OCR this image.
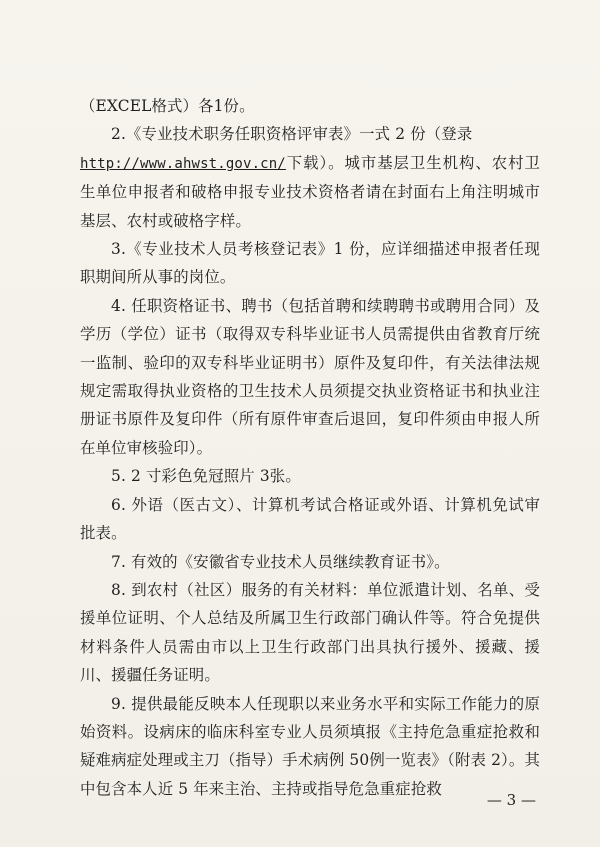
（EXCEL格式）各1份。

2.《专业技术职务任职资格评审表》一式 2 份（登录
http://www.ahwst.gov.cn/下载）。城市基层卫生机构、农村卫生单位申报者和破格申报专业技术资格者请在封面右上角注明城市基层、农村或破格字样。

3.《专业技术人员考核登记表》1 份，应详细描述申报者任现职期间所从事的岗位。

4. 任职资格证书、聘书（包括首聘和续聘聘书或聘用合同）及学历（学位）证书（取得双专科毕业证书人员需提供由省教育厅统一监制、验印的双专科毕业证明书）原件及复印件，有关法律法规规定需取得执业资格的卫生技术人员须提交执业资格证书和执业注册证书原件及复印件（所有原件审查后退回，复印件须由申报人所在单位审核验印）。

5. 2 寸彩色免冠照片 3张。

6. 外语（医古文）、计算机考试合格证或外语、计算机免试审批表。

7. 有效的《安徽省专业技术人员继续教育证书》。

8. 到农村（社区）服务的有关材料：单位派遣计划、名单、受援单位证明、个人总结及所属卫生行政部门确认件等。符合免提供材料条件人员需由市以上卫生行政部门出具执行援外、援藏、援川、援疆任务证明。

9. 提供最能反映本人任现职以来业务水平和实际工作能力的原始资料。设病床的临床科室专业人员须填报《主持危急重症抢救和疑难病症处理或主刀（指导）手术病例 50例一览表》（附表 2）。其中包含本人近 5 年来主治、主持或指导危急重症抢救

— 3 —
